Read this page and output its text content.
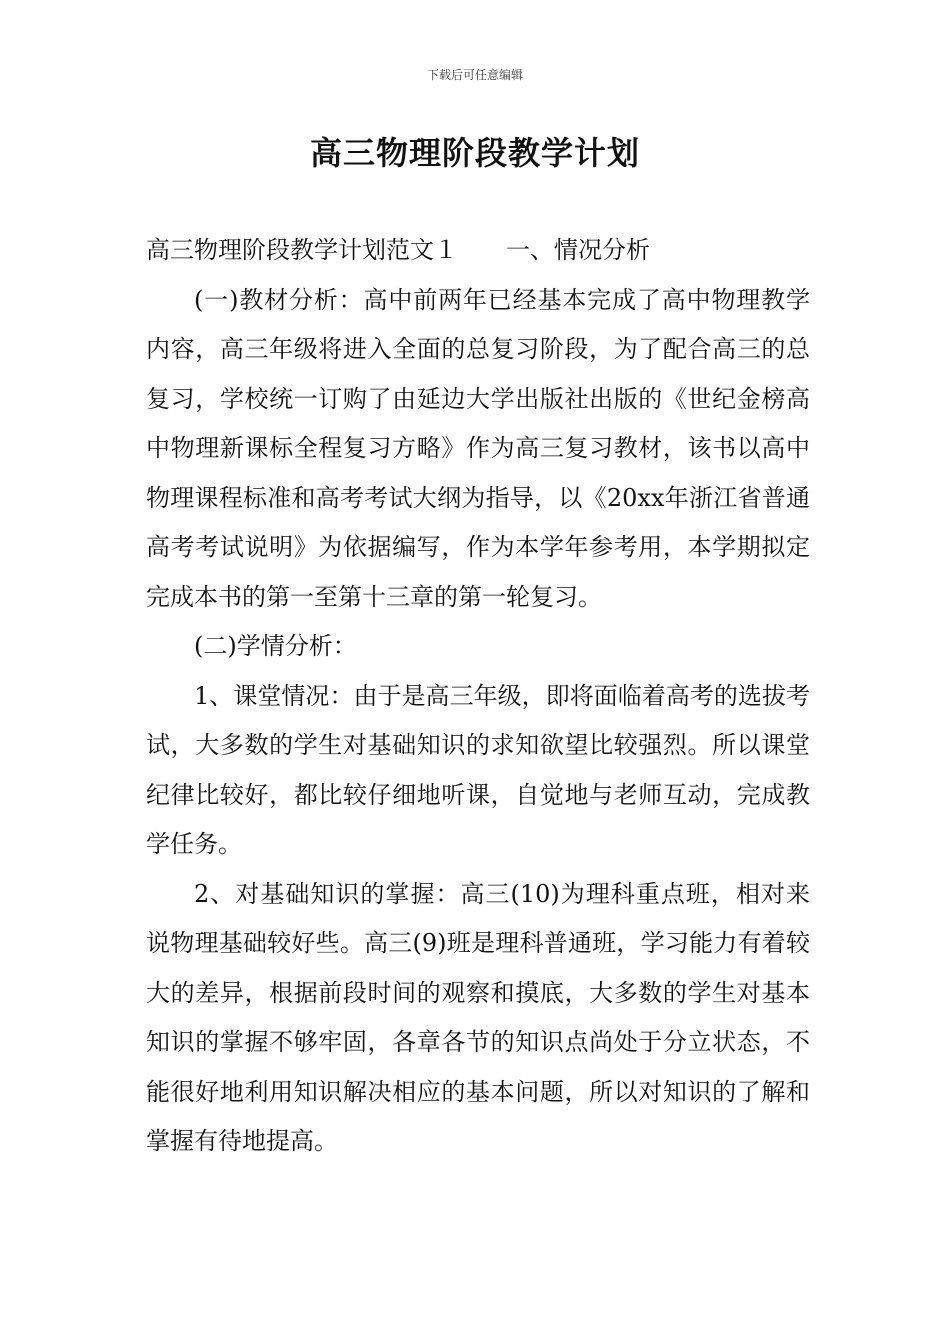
下载后可任意编辑
高三物理阶段教学计划

高三物理阶段教学计划范文１ 一、情况分析

(一)教材分析：高中前两年已经基本完成了高中物理教学内容，高三年级将进入全面的总复习阶段，为了配合高三的总复习，学校统一订购了由延边大学出版社出版的《世纪金榜高中物理新课标全程复习方略》作为高三复习教材，该书以高中物理课程标准和高考考试大纲为指导，以《20xx年浙江省普通高考考试说明》为依据编写，作为本学年参考用，本学期拟定完成本书的第一至第十三章的第一轮复习。

(二)学情分析：

1、课堂情况：由于是高三年级，即将面临着高考的选拔考试，大多数的学生对基础知识的求知欲望比较强烈。所以课堂纪律比较好，都比较仔细地听课，自觉地与老师互动，完成教学任务。

2、对基础知识的掌握：高三(10)为理科重点班，相对来说物理基础较好些。高三(9)班是理科普通班，学习能力有着较大的差异，根据前段时间的观察和摸底，大多数的学生对基本知识的掌握不够牢固，各章各节的知识点尚处于分立状态，不能很好地利用知识解决相应的基本问题，所以对知识的了解和掌握有待地提高。
